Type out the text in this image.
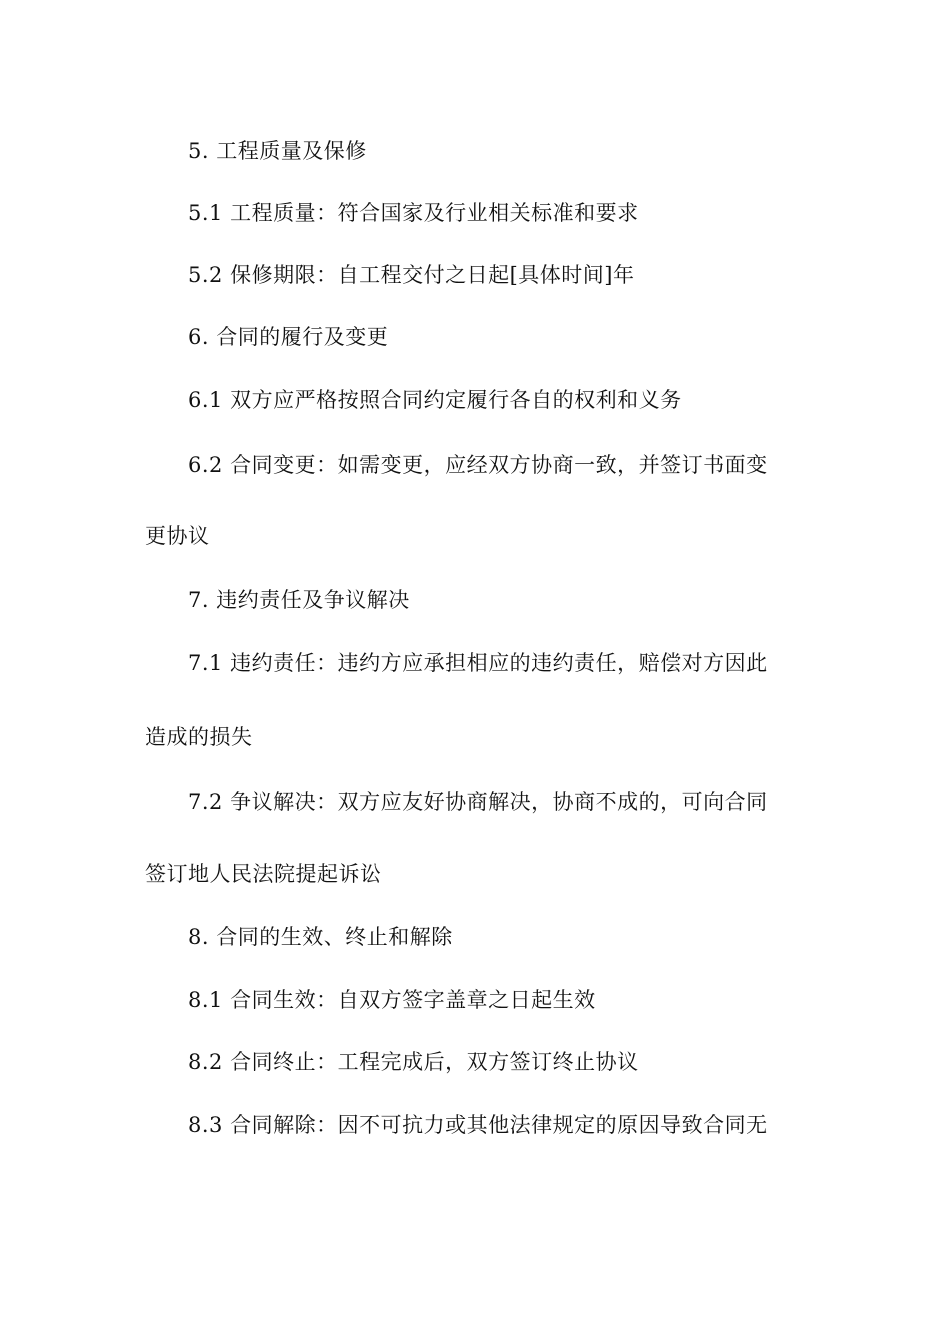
5. 工程质量及保修
5.1 工程质量：符合国家及行业相关标准和要求
5.2 保修期限：自工程交付之日起[具体时间]年
6. 合同的履行及变更
6.1 双方应严格按照合同约定履行各自的权利和义务
6.2 合同变更：如需变更，应经双方协商一致，并签订书面变
更协议
7. 违约责任及争议解决
7.1 违约责任：违约方应承担相应的违约责任，赔偿对方因此
造成的损失
7.2 争议解决：双方应友好协商解决，协商不成的，可向合同
签订地人民法院提起诉讼
8. 合同的生效、终止和解除
8.1 合同生效：自双方签字盖章之日起生效
8.2 合同终止：工程完成后，双方签订终止协议
8.3 合同解除：因不可抗力或其他法律规定的原因导致合同无
